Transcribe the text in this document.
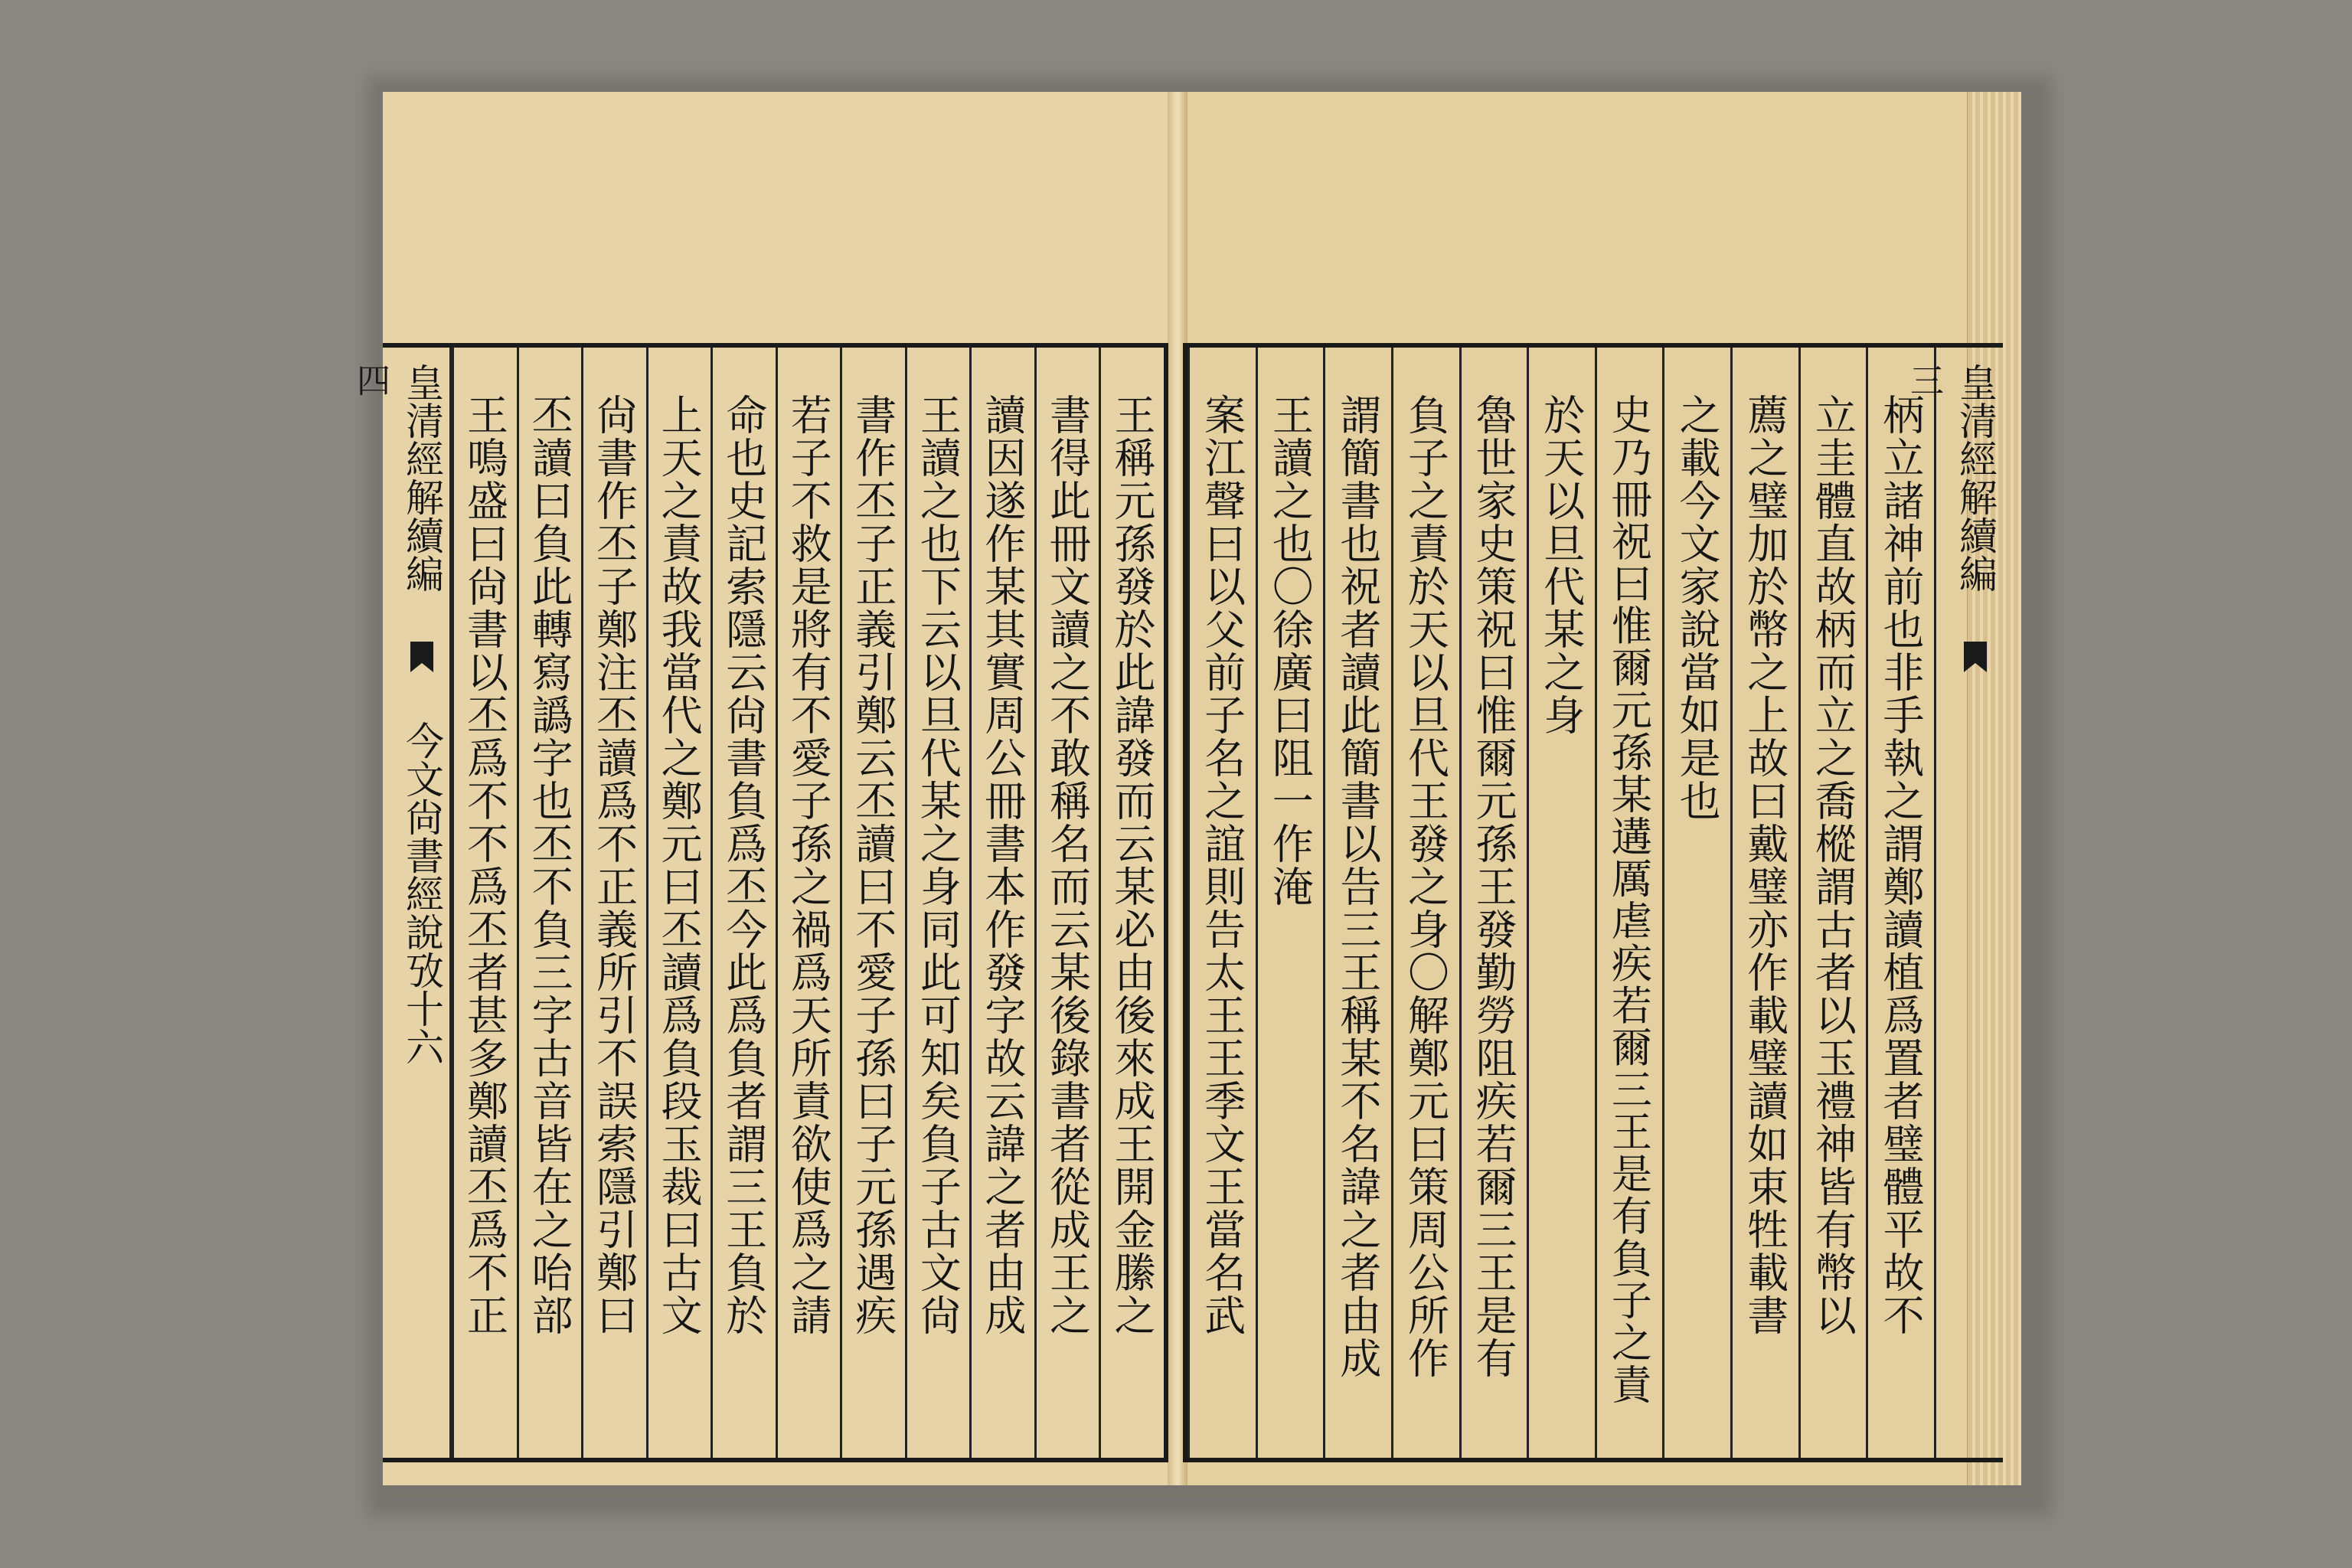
皇清經解續編  今文尙書經說攷十六
四
王稱元孫發於此諱發而云某必由後來成王開金縢之
書得此冊文讀之不敢稱名而云某後錄書者從成王之
讀因遂作某其實周公冊書本作發字故云諱之者由成
王讀之也下云以旦代某之身同此可知矣負子古文尙
書作丕子正義引鄭云丕讀曰不愛子孫曰子元孫遇疾
若子不救是將有不愛子孫之禍爲天所責欲使爲之請
命也史記索隱云尙書負爲丕今此爲負者謂三王負於
上天之責故我當代之鄭元曰丕讀爲負段玉裁曰古文
尙書作丕子鄭注丕讀爲不正義所引不誤索隱引鄭曰
丕讀曰負此轉寫譌字也丕不負三字古音皆在之咍部
王鳴盛曰尙書以丕爲不不爲丕者甚多鄭讀丕爲不正	皇清經解續編
三
柄立諸神前也非手執之謂鄭讀植爲置者璧體平故不
立圭體直故柄而立之喬樅謂古者以玉禮神皆有幣以
薦之璧加於幣之上故曰戴璧亦作載璧讀如束牲載書
之載今文家說當如是也
史乃冊祝曰惟爾元孫某遘厲虐疾若爾三王是有負子之責
於天以旦代某之身
魯世家史策祝曰惟爾元孫王發勤勞阻疾若爾三王是有
負子之責於天以旦代王發之身〇解鄭元曰策周公所作
謂簡書也祝者讀此簡書以告三王稱某不名諱之者由成
王讀之也〇徐廣曰阻一作淹
案江聲曰以父前子名之誼則告太王王季文王當名武
